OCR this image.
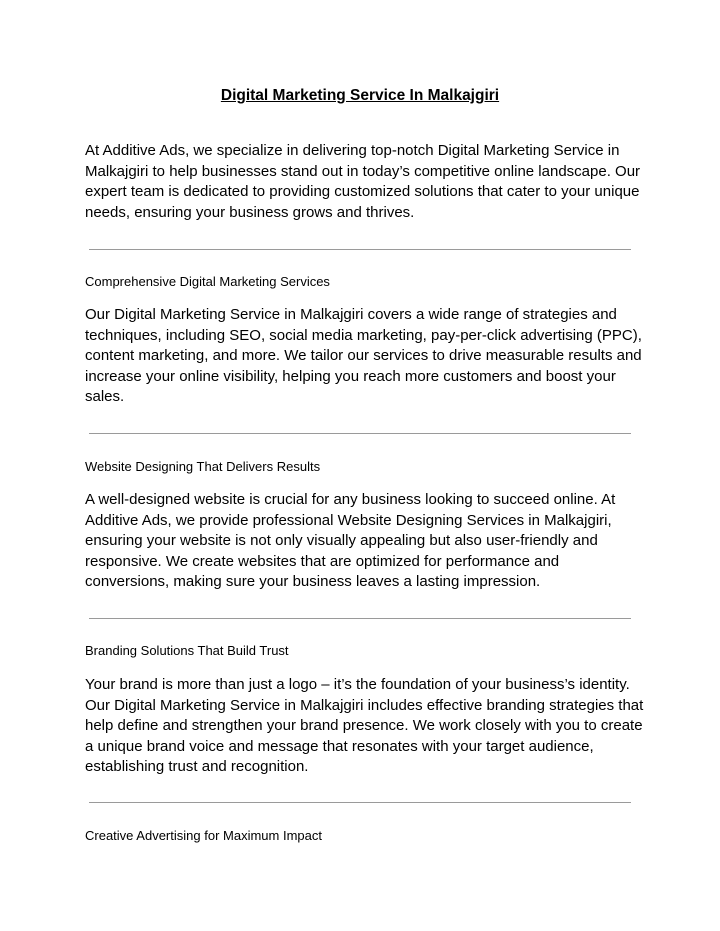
Digital Marketing Service In Malkajgiri

At Additive Ads, we specialize in delivering top-notch Digital Marketing Service in Malkajgiri to help businesses stand out in today’s competitive online landscape. Our expert team is dedicated to providing customized solutions that cater to your unique needs, ensuring your business grows and thrives.

Comprehensive Digital Marketing Services

Our Digital Marketing Service in Malkajgiri covers a wide range of strategies and techniques, including SEO, social media marketing, pay-per-click advertising (PPC), content marketing, and more. We tailor our services to drive measurable results and increase your online visibility, helping you reach more customers and boost your sales.

Website Designing That Delivers Results

A well-designed website is crucial for any business looking to succeed online. At Additive Ads, we provide professional Website Designing Services in Malkajgiri, ensuring your website is not only visually appealing but also user-friendly and responsive. We create websites that are optimized for performance and conversions, making sure your business leaves a lasting impression.

Branding Solutions That Build Trust

Your brand is more than just a logo – it’s the foundation of your business’s identity. Our Digital Marketing Service in Malkajgiri includes effective branding strategies that help define and strengthen your brand presence. We work closely with you to create a unique brand voice and message that resonates with your target audience, establishing trust and recognition.

Creative Advertising for Maximum Impact
